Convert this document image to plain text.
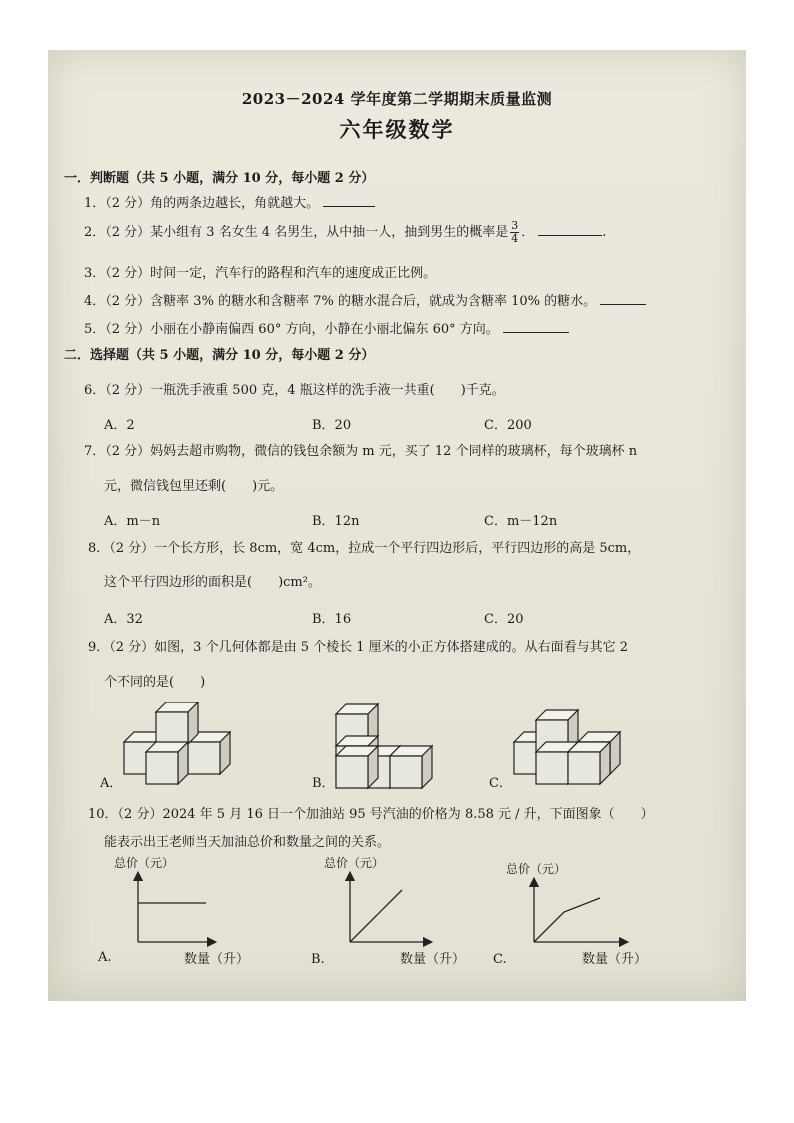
2023－2024 学年度第二学期期末质量监测
六年级数学
一．判断题（共 5 小题，满分 10 分，每小题 2 分）
1．（2 分）角的两条边越长，角就越大。
2．（2 分）某小组有 3 名女生 4 名男生，从中抽一人，抽到男生的概率是 $\frac{3}{4}$ ．	.
3．（2 分）时间一定，汽车行的路程和汽车的速度成正比例。
4．（2 分）含糖率 3% 的糖水和含糖率 7% 的糖水混合后，就成为含糖率 10% 的糖水。
5．（2 分）小丽在小静南偏西 60° 方向，小静在小丽北偏东 60° 方向。
二．选择题（共 5 小题，满分 10 分，每小题 2 分）
6．（2 分）一瓶洗手液重 500 克，4 瓶这样的洗手液一共重(　　)千克。
A．2	B．20	C．200
7．（2 分）妈妈去超市购物，微信的钱包余额为 m 元，买了 12 个同样的玻璃杯，每个玻璃杯 n
元，微信钱包里还剩(　　)元。
A．m－n	B．12n	C．m－12n
8．（2 分）一个长方形，长 8cm，宽 4cm，拉成一个平行四边形后，平行四边形的高是 5cm，
这个平行四边形的面积是(　　)cm²。
A．32	B．16	C．20
9．（2 分）如图，3 个几何体都是由 5 个棱长 1 厘米的小正方体搭建成的。从右面看与其它 2
个不同的是(　　)
A．	B．	C．
10．（2 分）2024 年 5 月 16 日一个加油站 95 号汽油的价格为 8.58 元 / 升，下面图象（　　）
能表示出王老师当天加油总价和数量之间的关系。
总价（元）	总价（元）	总价（元）
A.	数量（升）	B.	数量（升） C.	数量（升）
